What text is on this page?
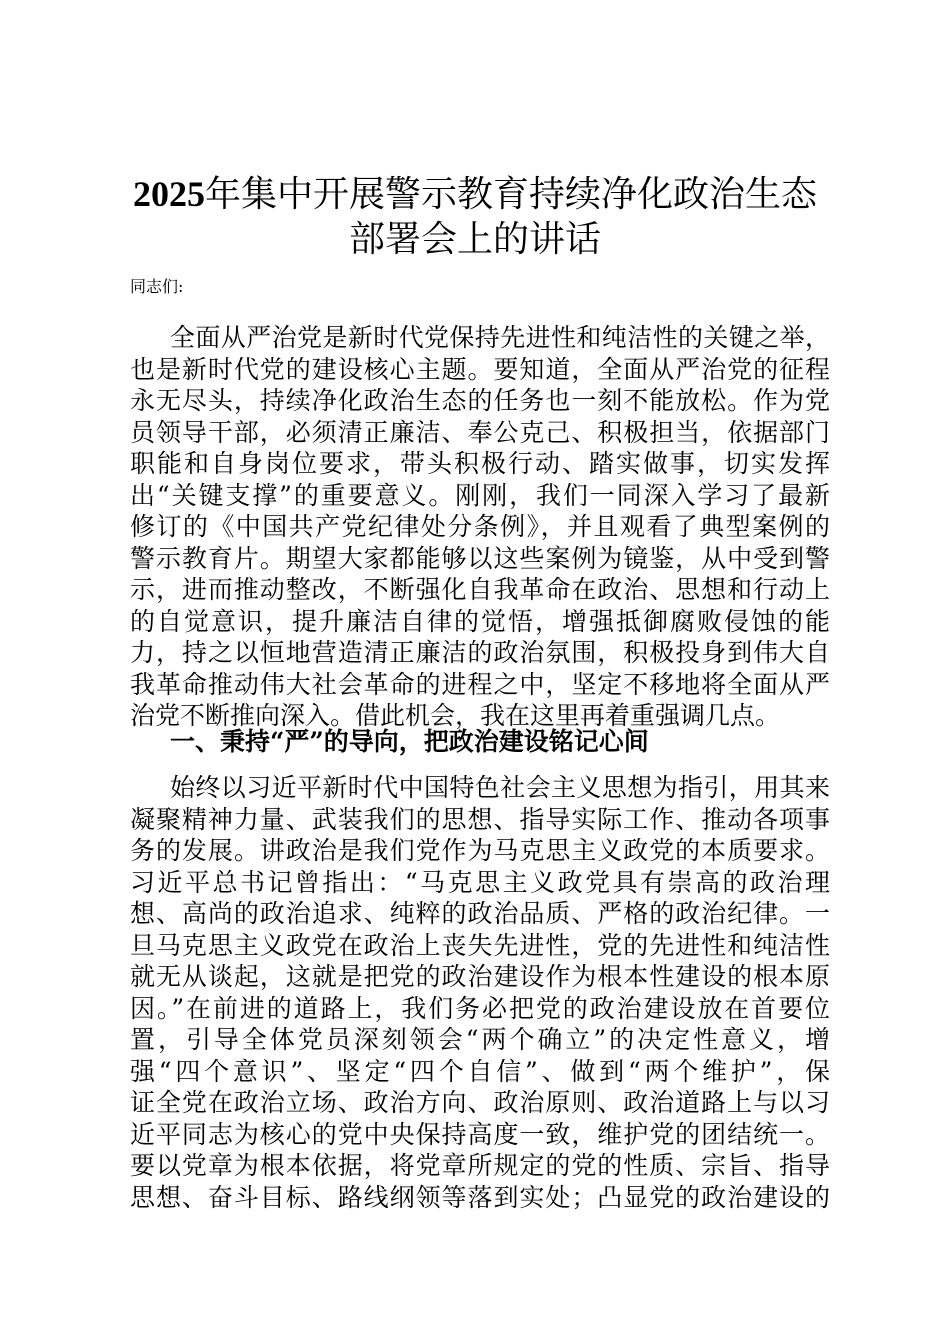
2025年集中开展警示教育持续净化政治生态
部署会上的讲话

同志们:

全面从严治党是新时代党保持先进性和纯洁性的关键之举，
也是新时代党的建设核心主题。要知道，全面从严治党的征程
永无尽头，持续净化政治生态的任务也一刻不能放松。作为党
员领导干部，必须清正廉洁、奉公克己、积极担当，依据部门
职能和自身岗位要求，带头积极行动、踏实做事，切实发挥
出“关键支撑”的重要意义。刚刚，我们一同深入学习了最新
修订的《中国共产党纪律处分条例》，并且观看了典型案例的
警示教育片。期望大家都能够以这些案例为镜鉴，从中受到警
示，进而推动整改，不断强化自我革命在政治、思想和行动上
的自觉意识，提升廉洁自律的觉悟，增强抵御腐败侵蚀的能
力，持之以恒地营造清正廉洁的政治氛围，积极投身到伟大自
我革命推动伟大社会革命的进程之中，坚定不移地将全面从严
治党不断推向深入。借此机会，我在这里再着重强调几点。
一、秉持“严”的导向，把政治建设铭记心间
始终以习近平新时代中国特色社会主义思想为指引，用其来
凝聚精神力量、武装我们的思想、指导实际工作、推动各项事
务的发展。讲政治是我们党作为马克思主义政党的本质要求。
习近平总书记曾指出：“马克思主义政党具有崇高的政治理
想、高尚的政治追求、纯粹的政治品质、严格的政治纪律。一
旦马克思主义政党在政治上丧失先进性，党的先进性和纯洁性
就无从谈起，这就是把党的政治建设作为根本性建设的根本原
因。”在前进的道路上，我们务必把党的政治建设放在首要位
置，引导全体党员深刻领会“两个确立”的决定性意义，增
强“四个意识”、坚定“四个自信”、做到“两个维护”，保
证全党在政治立场、政治方向、政治原则、政治道路上与以习
近平同志为核心的党中央保持高度一致，维护党的团结统一。
要以党章为根本依据，将党章所规定的党的性质、宗旨、指导
思想、奋斗目标、路线纲领等落到实处；凸显党的政治建设的
